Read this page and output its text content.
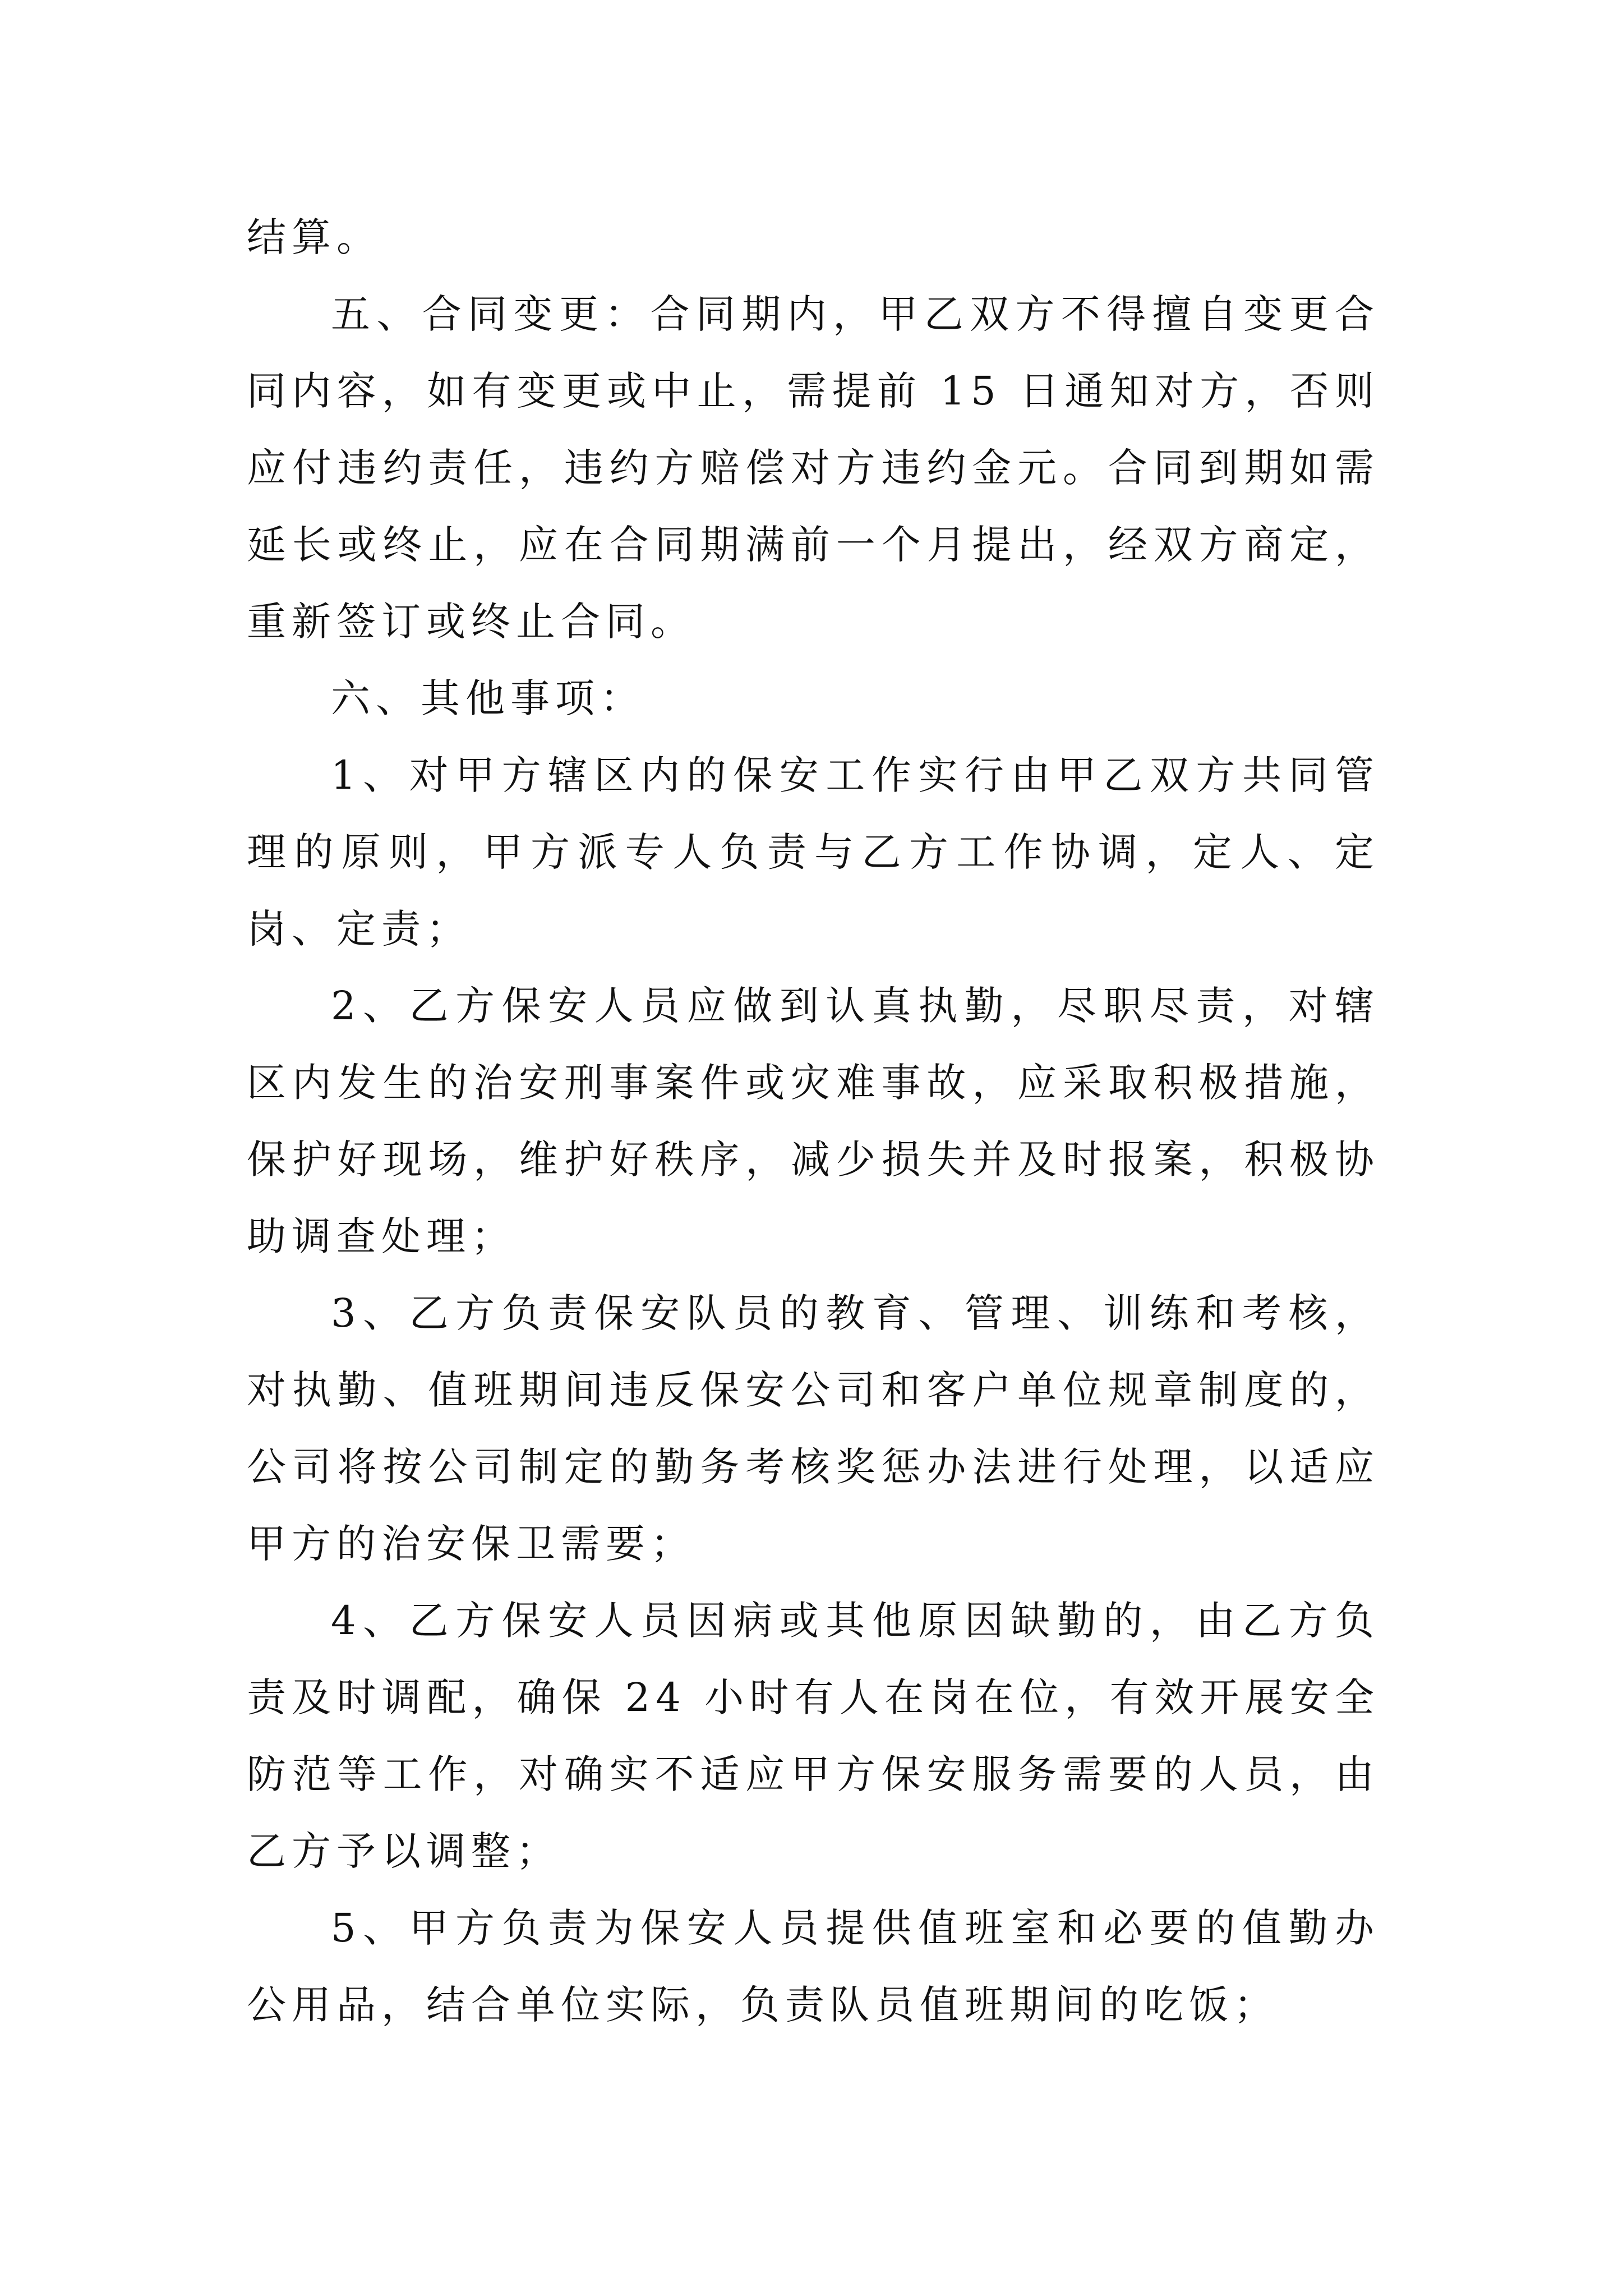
结算。

五、合同变更：合同期内，甲乙双方不得擅自变更合同内容，如有变更或中止，需提前 15 日通知对方，否则应付违约责任，违约方赔偿对方违约金元。合同到期如需延长或终止，应在合同期满前一个月提出，经双方商定，重新签订或终止合同。

六、其他事项：

1、对甲方辖区内的保安工作实行由甲乙双方共同管理的原则，甲方派专人负责与乙方工作协调，定人、定岗、定责；

2、乙方保安人员应做到认真执勤，尽职尽责，对辖区内发生的治安刑事案件或灾难事故，应采取积极措施，保护好现场，维护好秩序，减少损失并及时报案，积极协助调查处理；

3、乙方负责保安队员的教育、管理、训练和考核，对执勤、值班期间违反保安公司和客户单位规章制度的，公司将按公司制定的勤务考核奖惩办法进行处理，以适应甲方的治安保卫需要；

4、乙方保安人员因病或其他原因缺勤的，由乙方负责及时调配，确保 24 小时有人在岗在位，有效开展安全防范等工作，对确实不适应甲方保安服务需要的人员，由乙方予以调整；

5、甲方负责为保安人员提供值班室和必要的值勤办公用品，结合单位实际，负责队员值班期间的吃饭；
